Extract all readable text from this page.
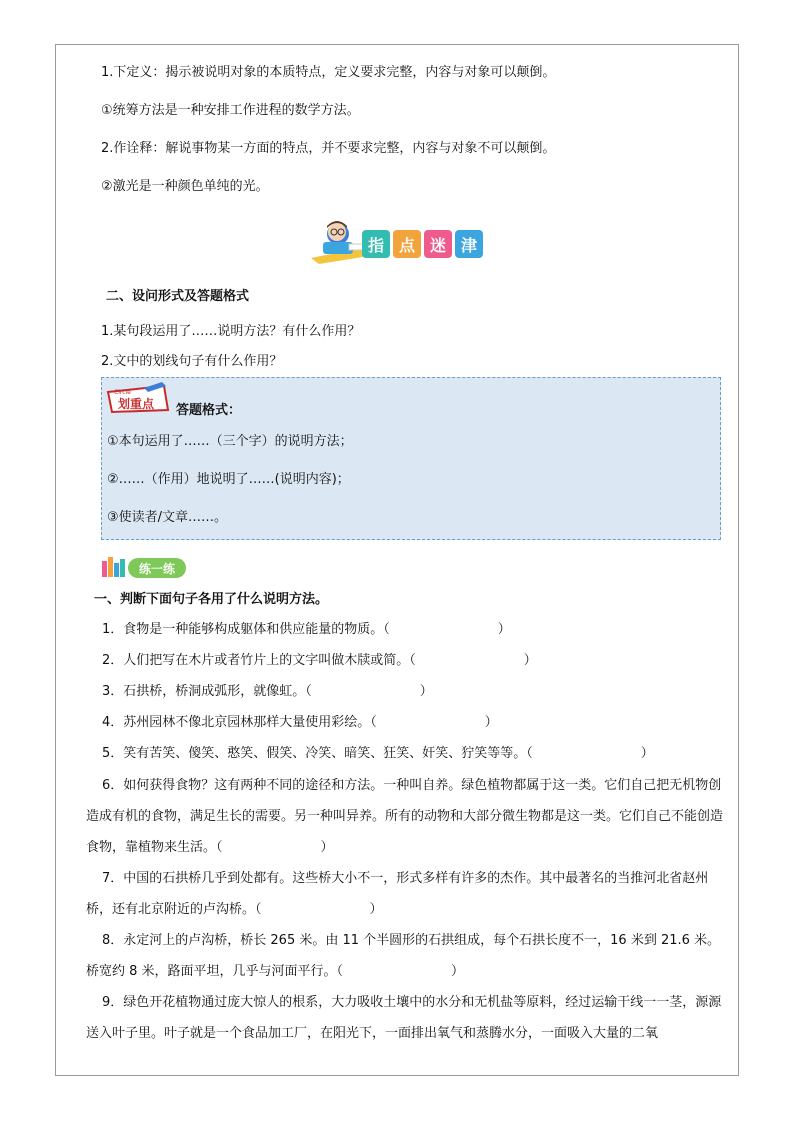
1.下定义：揭示被说明对象的本质特点，定义要求完整，内容与对象可以颠倒。
①统筹方法是一种安排工作进程的数学方法。
2.作诠释：解说事物某一方面的特点，并不要求完整，内容与对象不可以颠倒。
②激光是一种颜色单纯的光。
指 点 迷 津
二、设问形式及答题格式
1.某句段运用了……说明方法？有什么作用？
2.文中的划线句子有什么作用？
Circle
划重点 答题格式：
①本句运用了……（三个字）的说明方法；
②……（作用）地说明了……(说明内容)；
③使读者/文章……。
练一练
一、判断下面句子各用了什么说明方法。
1．食物是一种能够构成躯体和供应能量的物质。（	）
2．人们把写在木片或者竹片上的文字叫做木牍或简。（	）
3．石拱桥，桥洞成弧形，就像虹。（	）
4．苏州园林不像北京园林那样大量使用彩绘。（	）
5．笑有苦笑、傻笑、憨笑、假笑、冷笑、暗笑、狂笑、奸笑、狞笑等等。（	）
6．如何获得食物？这有两种不同的途径和方法。一种叫自养。绿色植物都属于这一类。它们自己把无机物创造成有机的食物，满足生长的需要。另一种叫异养。所有的动物和大部分微生物都是这一类。它们自己不能创造食物，靠植物来生活。（	）
7．中国的石拱桥几乎到处都有。这些桥大小不一，形式多样有许多的杰作。其中最著名的当推河北省赵州桥，还有北京附近的卢沟桥。（	）
8．永定河上的卢沟桥，桥长 265 米。由 11 个半圆形的石拱组成，每个石拱长度不一，16 米到 21.6 米。桥宽约 8 米，路面平坦，几乎与河面平行。（	）
9．绿色开花植物通过庞大惊人的根系，大力吸收土壤中的水分和无机盐等原料，经过运输干线一一茎，源源送入叶子里。叶子就是一个食品加工厂，在阳光下，一面排出氧气和蒸腾水分，一面吸入大量的二氧
